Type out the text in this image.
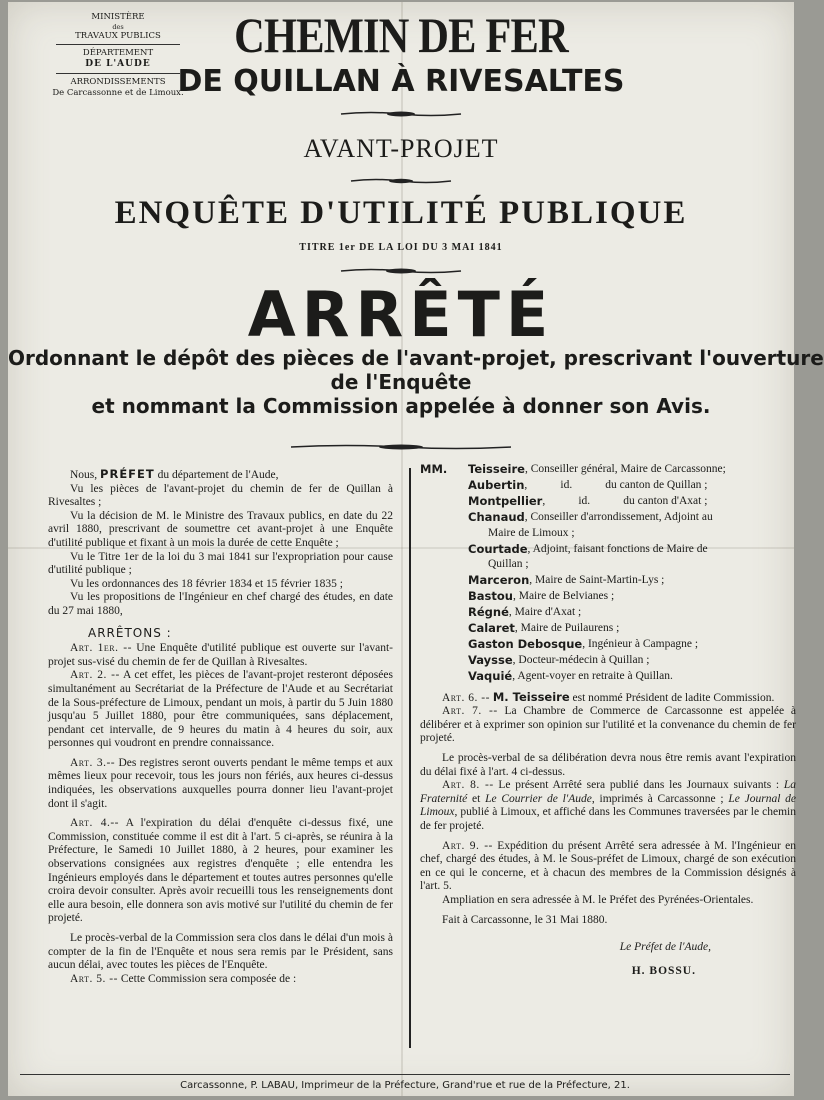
MINISTÈRE
des
TRAVAUX PUBLICS
DÉPARTEMENT
DE L'AUDE
ARRONDISSEMENTS
De Carcassonne et de Limoux.
CHEMIN DE FER
DE QUILLAN À RIVESALTES
AVANT-PROJET
ENQUÊTE D'UTILITÉ PUBLIQUE
TITRE 1er DE LA LOI DU 3 MAI 1841
ARRÊTÉ
Ordonnant le dépôt des pièces de l'avant-projet, prescrivant l'ouverture
de l'Enquête
et nommant la Commission appelée à donner son Avis.

Nous, PRÉFET du département de l'Aude,

Vu les pièces de l'avant-projet du chemin de fer de Quillan à Rivesaltes ;

Vu la décision de M. le Ministre des Travaux publics, en date du 22 avril 1880, prescrivant de soumettre cet avant-projet à une Enquête d'utilité publique et fixant à un mois la durée de cette Enquête ;

Vu le Titre 1er de la loi du 3 mai 1841 sur l'expropriation pour cause d'utilité publique ;

Vu les ordonnances des 18 février 1834 et 15 février 1835 ;

Vu les propositions de l'Ingénieur en chef chargé des études, en date du 27 mai 1880,

ARRÊTONS :

Art. 1er. -- Une Enquête d'utilité publique est ouverte sur l'avant-projet sus-visé du chemin de fer de Quillan à Rivesaltes.

Art. 2. -- A cet effet, les pièces de l'avant-projet resteront déposées simultanément au Secrétariat de la Préfecture de l'Aude et au Secrétariat de la Sous-préfecture de Limoux, pendant un mois, à partir du 5 Juin 1880 jusqu'au 5 Juillet 1880, pour être communiquées, sans déplacement, pendant cet intervalle, de 9 heures du matin à 4 heures du soir, aux personnes qui voudront en prendre connaissance.

Art. 3.-- Des registres seront ouverts pendant le même temps et aux mêmes lieux pour recevoir, tous les jours non fériés, aux heures ci-dessus indiquées, les observations auxquelles pourra donner lieu l'avant-projet dont il s'agit.

Art. 4.-- A l'expiration du délai d'enquête ci-dessus fixé, une Commission, constituée comme il est dit à l'art. 5 ci-après, se réunira à la Préfecture, le Samedi 10 Juillet 1880, à 2 heures, pour examiner les observations consignées aux registres d'enquête ; elle entendra les Ingénieurs employés dans le département et toutes autres personnes qu'elle croira devoir consulter. Après avoir recueilli tous les renseignements dont elle aura besoin, elle donnera son avis motivé sur l'utilité du chemin de fer projeté.

Le procès-verbal de la Commission sera clos dans le délai d'un mois à compter de la fin de l'Enquête et nous sera remis par le Président, sans aucun délai, avec toutes les pièces de l'Enquête.

Art. 5. -- Cette Commission sera composée de :

MM.	Teisseire , Conseiller général, Maire de Carcassonne;
Aubertin ,	id.	du canton de Quillan ;
Montpellier ,	id.	du canton d'Axat ;
Chanaud , Conseiller d'arrondissement, Adjoint au
Maire de Limoux ;
Courtade , Adjoint, faisant fonctions de Maire de
Quillan ;
Marceron , Maire de Saint-Martin-Lys ;
Bastou , Maire de Belvianes ;
Régné , Maire d'Axat ;
Calaret , Maire de Puilaurens ;
Gaston Debosque , Ingénieur à Campagne ;
Vaysse , Docteur-médecin à Quillan ;
Vaquié , Agent-voyer en retraite à Quillan.

Art. 6. -- M. Teisseire est nommé Président de ladite Commission.

Art. 7. -- La Chambre de Commerce de Carcassonne est appelée à délibérer et à exprimer son opinion sur l'utilité et la convenance du chemin de fer projeté.

Le procès-verbal de sa délibération devra nous être remis avant l'expiration du délai fixé à l'art. 4 ci-dessus.

Art. 8. -- Le présent Arrêté sera publié dans les Journaux suivants : La Fraternité et Le Courrier de l'Aude, imprimés à Carcassonne ; Le Journal de Limoux, publié à Limoux, et affiché dans les Communes traversées par le chemin de fer projeté.

Art. 9. -- Expédition du présent Arrêté sera adressée à M. l'Ingénieur en chef, chargé des études, à M. le Sous-préfet de Limoux, chargé de son exécution en ce qui le concerne, et à chacun des membres de la Commission désignés à l'art. 5.

Ampliation en sera adressée à M. le Préfet des Pyrénées-Orientales.

Fait à Carcassonne, le 31 Mai 1880.

Le Préfet de l'Aude,
H. BOSSU.
Carcassonne, P. LABAU, Imprimeur de la Préfecture, Grand'rue et rue de la Préfecture, 21.
